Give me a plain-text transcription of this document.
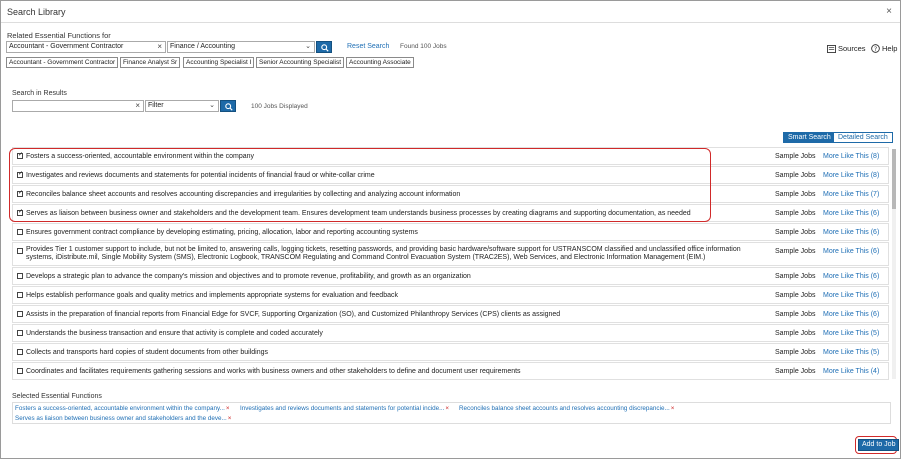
Search Library	×
Related Essential Functions for
Accountant - Government Contractor	×	Finance / Accounting	⌄	Reset Search Found 100 Jobs
Accountant - Government Contractor	Finance Analyst Sr	Accounting Specialist I	Senior Accounting Specialist	Accounting Associate
Sources ? Help
Search in Results
×	Filter	⌄	100 Jobs Displayed
Smart Search	Detailed Search
✓
Fosters a success-oriented, accountable environment within the company	Sample Jobs More Like This (8)
✓
Investigates and reviews documents and statements for potential incidents of financial fraud or white-collar crime	Sample Jobs More Like This (8)
✓
Reconciles balance sheet accounts and resolves accounting discrepancies and irregularities by collecting and analyzing account information	Sample Jobs More Like This (7)
✓
Serves as liaison between business owner and stakeholders and the development team. Ensures development team understands business processes by creating diagrams and supporting documentation, as needed	Sample Jobs More Like This (6)
Ensures government contract compliance by developing estimating, pricing, allocation, labor and reporting accounting systems	Sample Jobs More Like This (6)
Provides Tier 1 customer support to include, but not be limited to, answering calls, logging tickets, resetting passwords, and providing basic hardware/software support for USTRANSCOM classified and unclassified office information systems, iDistribute.mil, Single Mobility System (SMS), Electronic Logbook, TRANSCOM Regulating and Command Control Evacuation System (TRAC2ES), Web Services, and Electronic Information Management (EIM.)
Sample Jobs More Like This (6)
Develops a strategic plan to advance the company's mission and objectives and to promote revenue, profitability, and growth as an organization	Sample Jobs More Like This (6)
Helps establish performance goals and quality metrics and implements appropriate systems for evaluation and feedback	Sample Jobs More Like This (6)
Assists in the preparation of financial reports from Financial Edge for SVCF, Supporting Organization (SO), and Customized Philanthropy Services (CPS) clients as assigned	Sample Jobs More Like This (6)
Understands the business transaction and ensure that activity is complete and coded accurately	Sample Jobs More Like This (5)
Collects and transports hard copies of student documents from other buildings	Sample Jobs More Like This (5)
Coordinates and facilitates requirements gathering sessions and works with business owners and other stakeholders to define and document user requirements	Sample Jobs More Like This (4)
Selected Essential Functions
Fosters a success-oriented, accountable environment within the company...× Investigates and reviews documents and statements for potential incide...× Reconciles balance sheet accounts and resolves accounting discrepancie...×
Serves as liaison between business owner and stakeholders and the deve...×
Add to Job
